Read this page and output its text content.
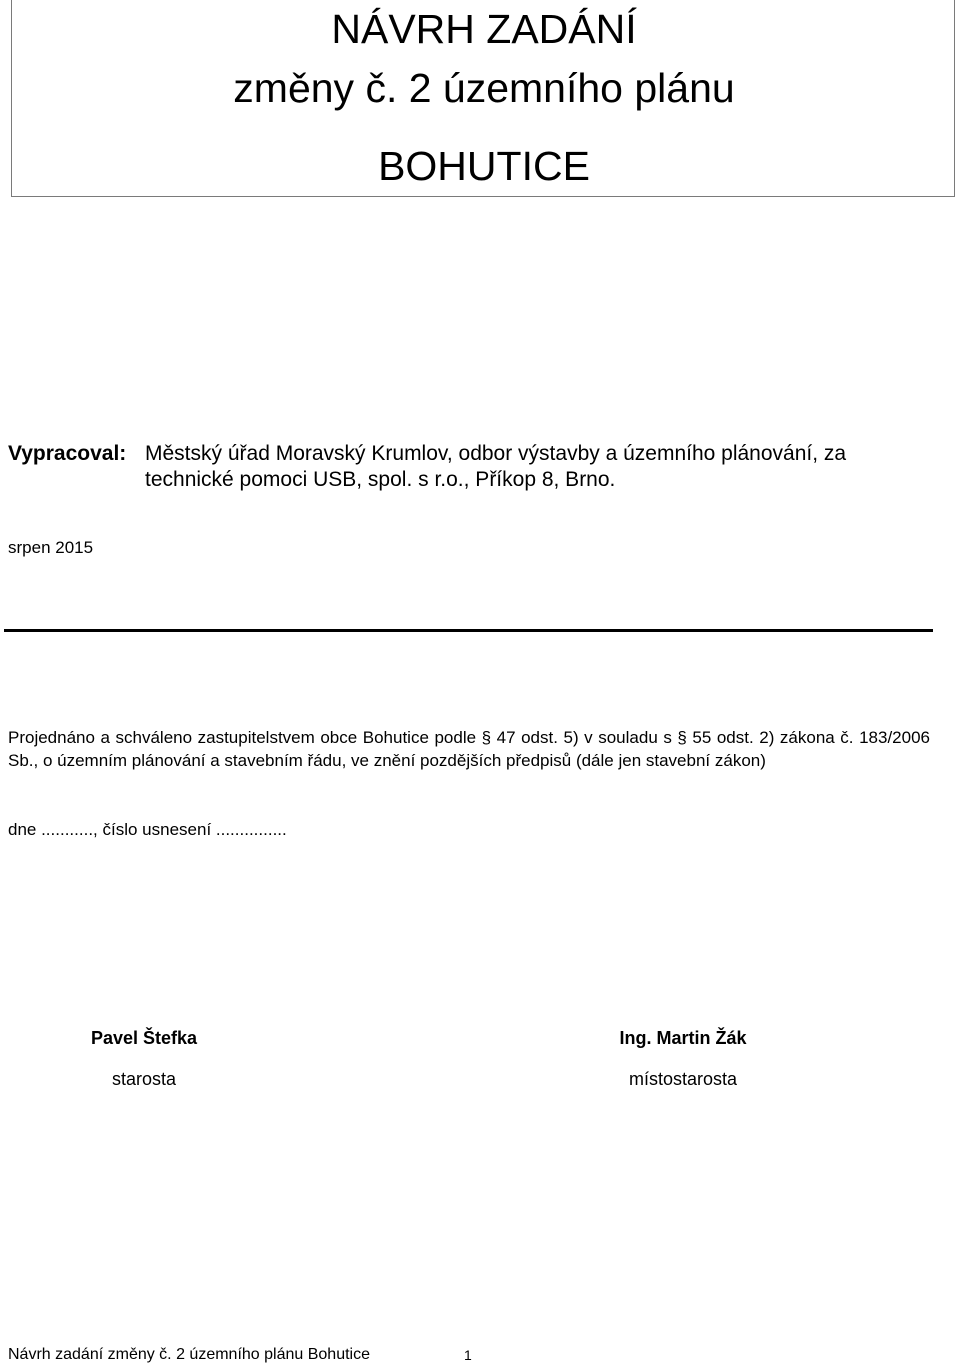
NÁVRH ZADÁNÍ
změny č. 2 územního plánu
BOHUTICE
Vypracoval: Městský úřad Moravský Krumlov, odbor výstavby a územního plánování, za
technické pomoci USB, spol. s r.o., Příkop 8, Brno.
srpen 2015
Projednáno a schváleno zastupitelstvem obce Bohutice podle § 47 odst. 5) v souladu s § 55 odst. 2) zákona č. 183/2006 Sb., o územním plánování a stavebním řádu, ve znění pozdějších předpisů (dále jen stavební zákon)
dne ..........., číslo usnesení ...............
Pavel Štefka
starosta
Ing. Martin Žák
místostarosta
Návrh zadání změny č. 2 územního plánu Bohutice	1
